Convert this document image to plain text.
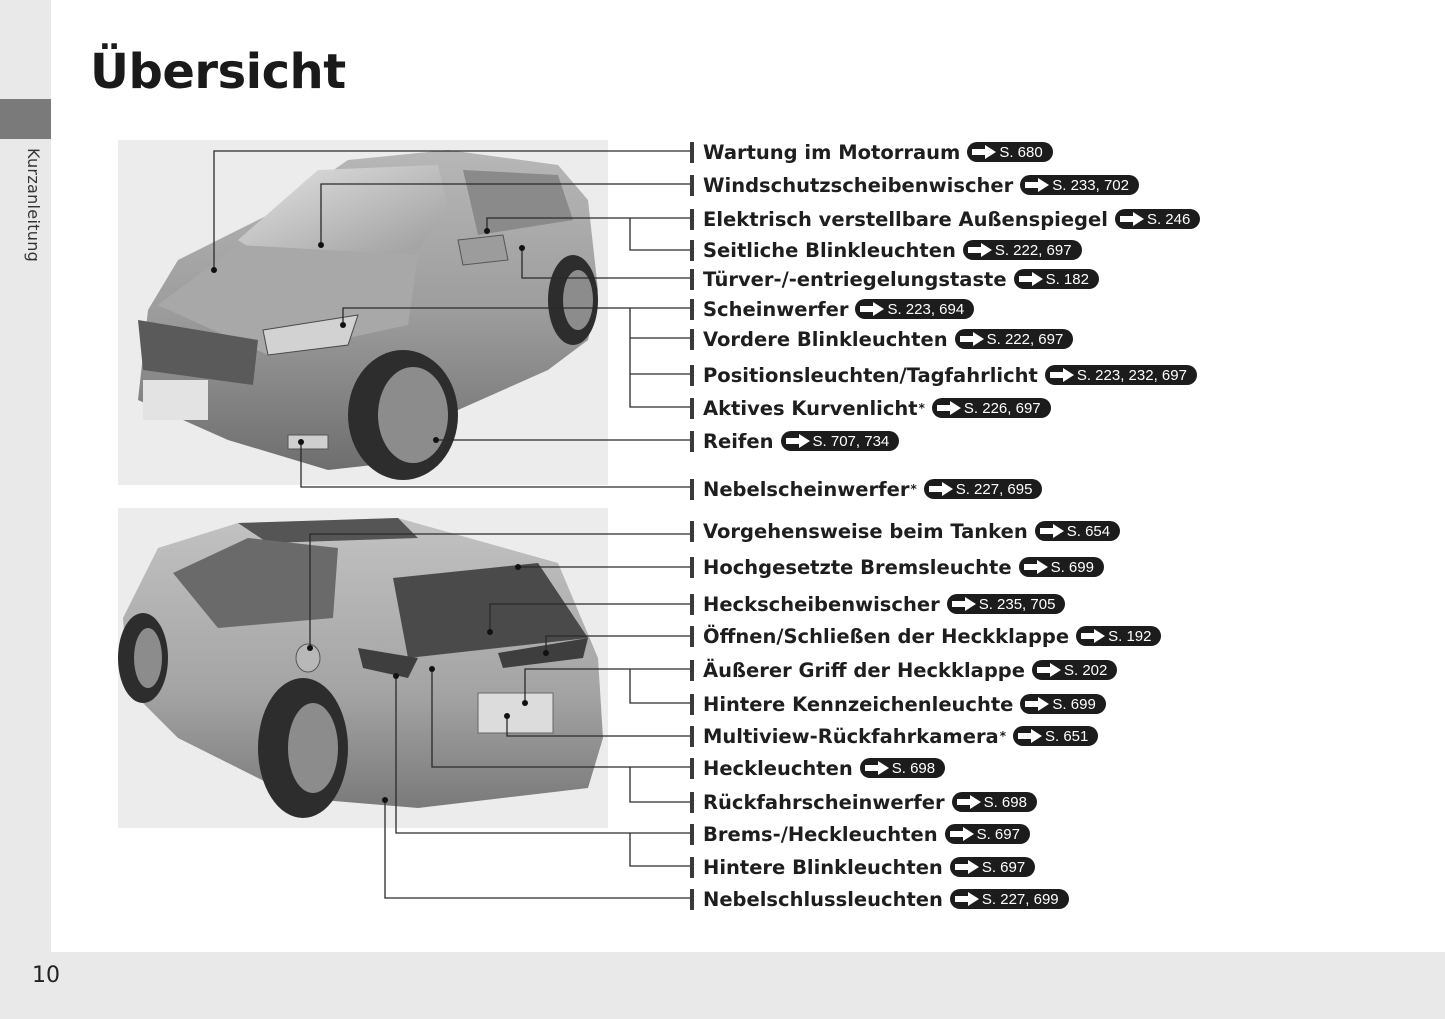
Kurzanleitung
10
Übersicht
Wartung im Motorraum	S. 680
Windschutzscheibenwischer	S. 233, 702
Elektrisch verstellbare Außenspiegel	S. 246
Seitliche Blinkleuchten	S. 222, 697
Türver-/-entriegelungstaste	S. 182
Scheinwerfer	S. 223, 694
Vordere Blinkleuchten	S. 222, 697
Positionsleuchten/Tagfahrlicht	S. 223, 232, 697
Aktives Kurvenlicht *	S. 226, 697
Reifen	S. 707, 734
Nebelscheinwerfer *	S. 227, 695
Vorgehensweise beim Tanken	S. 654
Hochgesetzte Bremsleuchte	S. 699
Heckscheibenwischer	S. 235, 705
Öffnen/Schließen der Heckklappe	S. 192
Äußerer Griff der Heckklappe	S. 202
Hintere Kennzeichenleuchte	S. 699
Multiview-Rückfahrkamera *	S. 651
Heckleuchten	S. 698
Rückfahrscheinwerfer	S. 698
Brems-/Heckleuchten	S. 697
Hintere Blinkleuchten	S. 697
Nebelschlussleuchten	S. 227, 699
